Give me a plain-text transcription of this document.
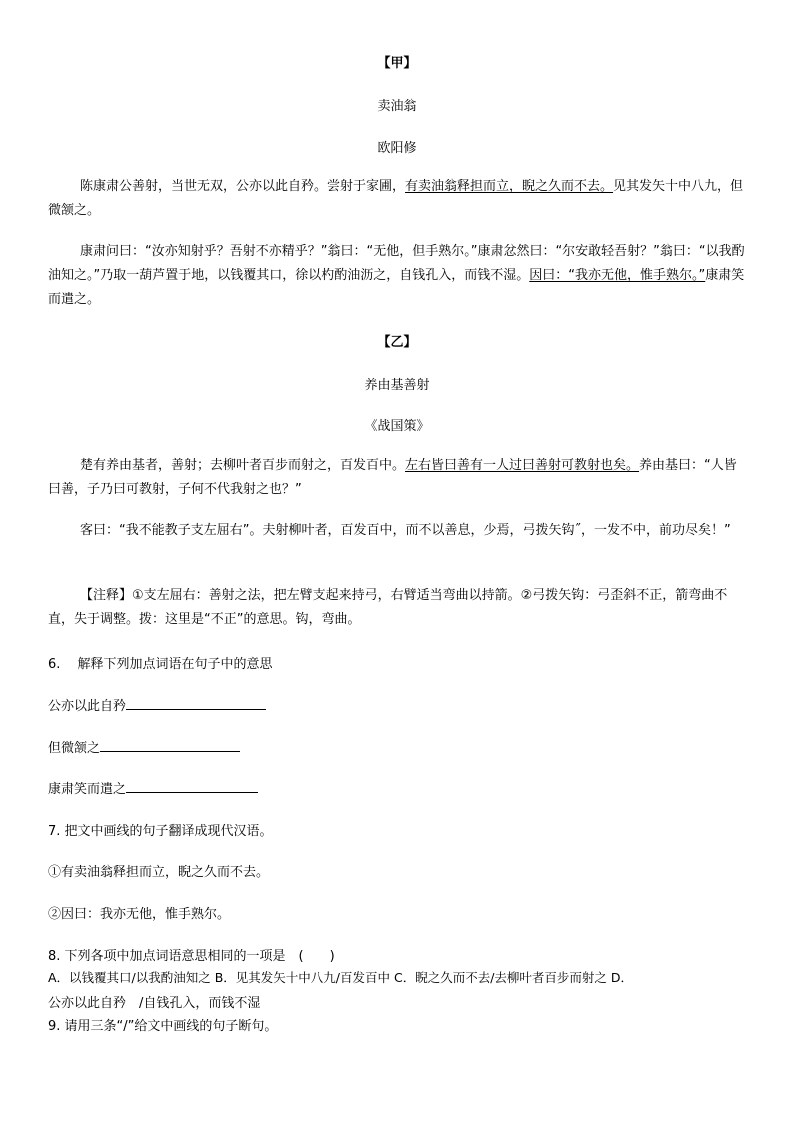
【甲】
卖油翁
欧阳修
陈康肃公善射，当世无双，公亦以此自矜。尝射于家圃，有卖油翁释担而立，睨之久而不去。见其发矢十中八九，但微颔之。
康肃问曰：“汝亦知射乎？吾射不亦精乎？”翁曰：“无他，但手熟尔。”康肃忿然曰：“尔安敢轻吾射？”翁曰：“以我酌油知之。”乃取一葫芦置于地，以钱覆其口，徐以杓酌油沥之，自钱孔入，而钱不湿。因曰：“我亦无他，惟手熟尔。”康肃笑而遣之。
【乙】
养由基善射
《战国策》
楚有养由基者，善射；去柳叶者百步而射之，百发百中。左右皆曰善有一人过曰善射可教射也矣。养由基曰：“人皆曰善，子乃曰可教射，子何不代我射之也？”
客曰：“我不能教子支左屈右”。夫射柳叶者，百发百中，而不以善息，少焉，弓拨矢钩˝，一发不中，前功尽矣！”
【注释】①支左屈右：善射之法，把左臂支起来持弓，右臂适当弯曲以持箭。②弓拨矢钩：弓歪斜不正，箭弯曲不直，失于调整。拨：这里是“不正”的意思。钩，弯曲。
6.　 解释下列加点词语在句子中的意思
公亦以此自矜
但微颔之
康肃笑而遣之
7. 把文中画线的句子翻译成现代汉语。
①有卖油翁释担而立，睨之久而不去。
②因曰：我亦无他，惟手熟尔。
8. 下列各项中加点词语意思相同的一项是　(　　)
A．以钱覆其口/以我酌油知之 B．见其发矢十中八九/百发百中 C．睨之久而不去/去柳叶者百步而射之 D．
公亦以此自矜　/自钱孔入，而钱不湿
9. 请用三条“/”给文中画线的句子断句。
